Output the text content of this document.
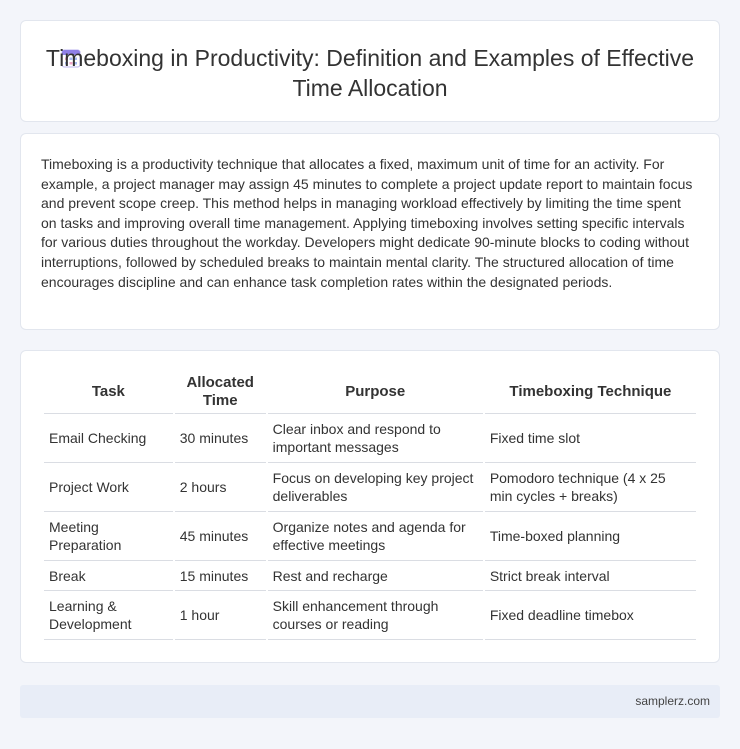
Timeboxing in Productivity: Definition and Examples of Effective Time Allocation

Timeboxing is a productivity technique that allocates a fixed, maximum unit of time for an activity. For example, a project manager may assign 45 minutes to complete a project update report to maintain focus and prevent scope creep. This method helps in managing workload effectively by limiting the time spent on tasks and improving overall time management. Applying timeboxing involves setting specific intervals for various duties throughout the workday. Developers might dedicate 90-minute blocks to coding without interruptions, followed by scheduled breaks to maintain mental clarity. The structured allocation of time encourages discipline and can enhance task completion rates within the designated periods.

Task	Allocated Time	Purpose	Timeboxing Technique
Email Checking	30 minutes	Clear inbox and respond to important messages	Fixed time slot
Project Work	2 hours	Focus on developing key project deliverables	Pomodoro technique (4 x 25 min cycles + breaks)
Meeting Preparation	45 minutes	Organize notes and agenda for effective meetings	Time-boxed planning
Break	15 minutes	Rest and recharge	Strict break interval
Learning & Development	1 hour	Skill enhancement through courses or reading	Fixed deadline timebox
samplerz.com
